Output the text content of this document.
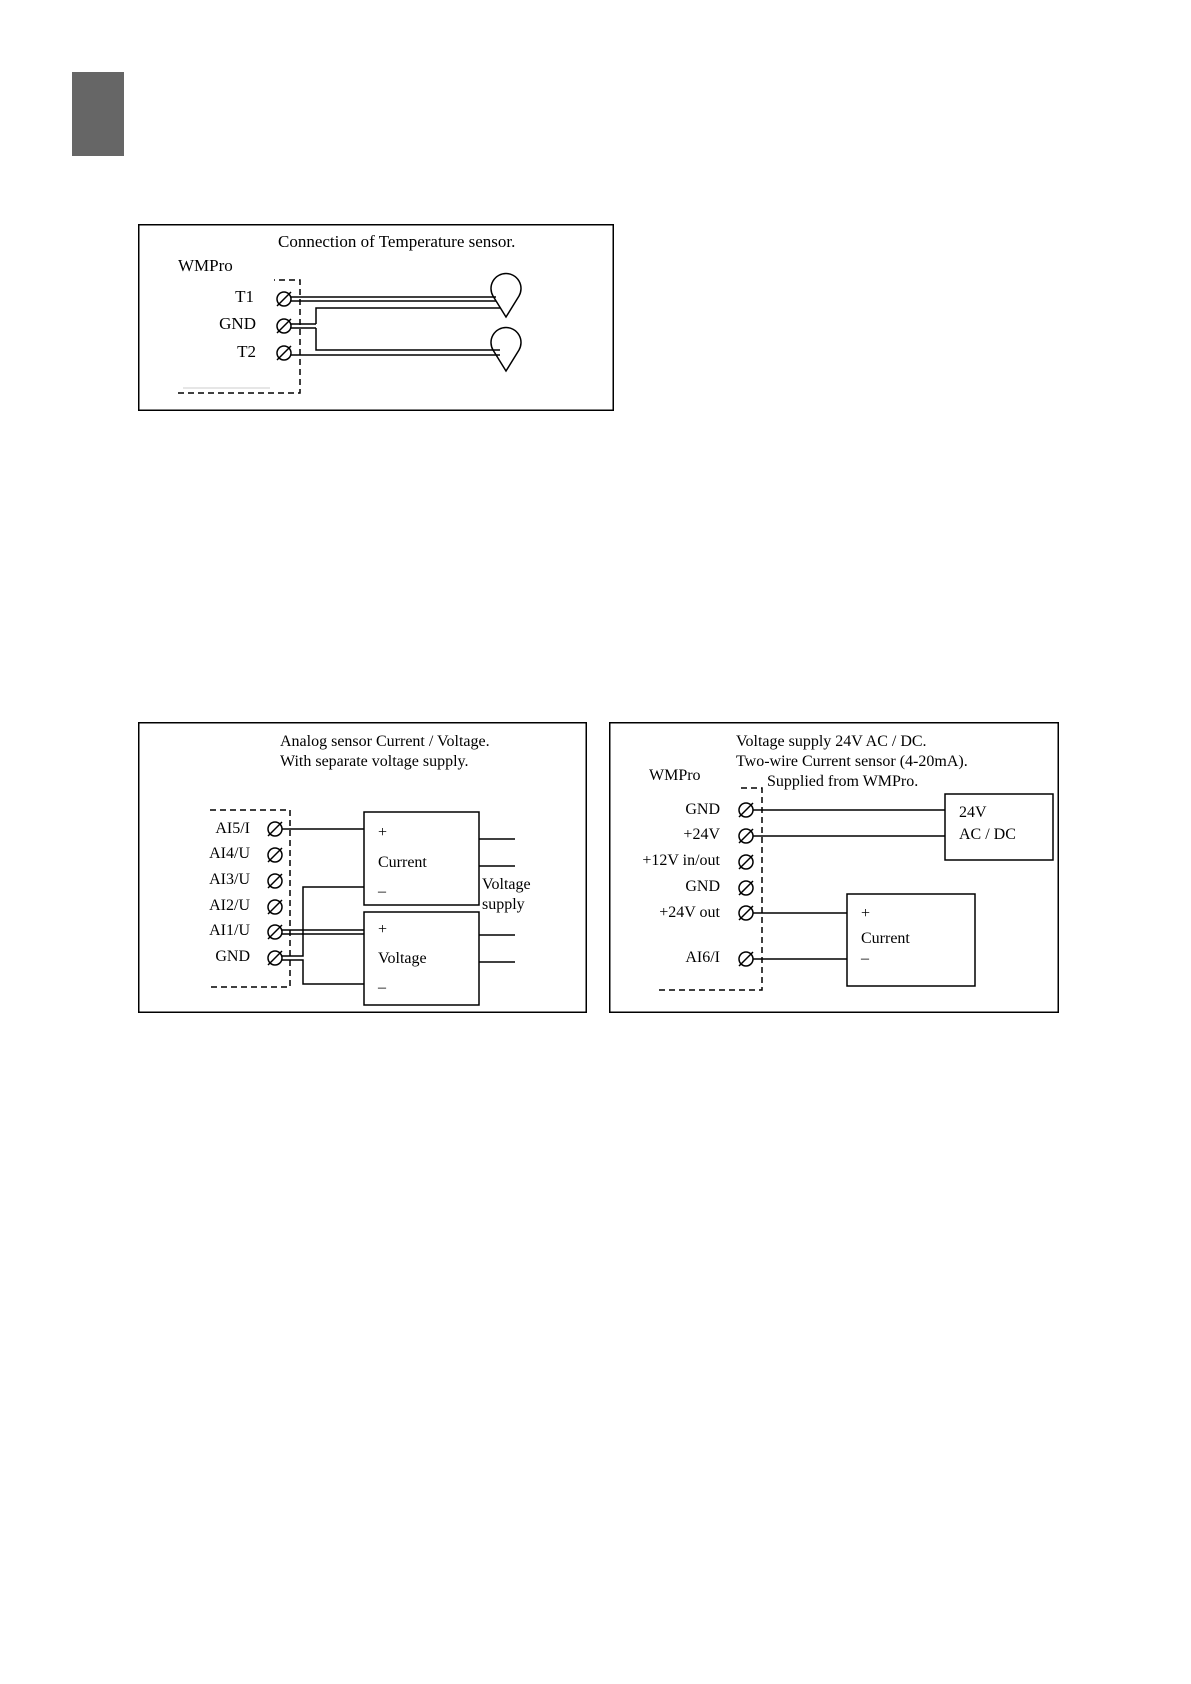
Connection of Temperature sensor.
WMPro
T1
GND
T2
Analog sensor Current / Voltage.
With separate voltage supply.
AI5/I
AI4/U
AI3/U
AI2/U
AI1/U
GND
+
Current
–
+
Voltage
–
Voltage
supply
Voltage supply 24V AC / DC.
Two-wire Current sensor (4-20mA).
Supplied from WMPro.
WMPro
GND
+24V
+12V in/out
GND
+24V out
AI6/I
24V
AC / DC
+
Current
–
